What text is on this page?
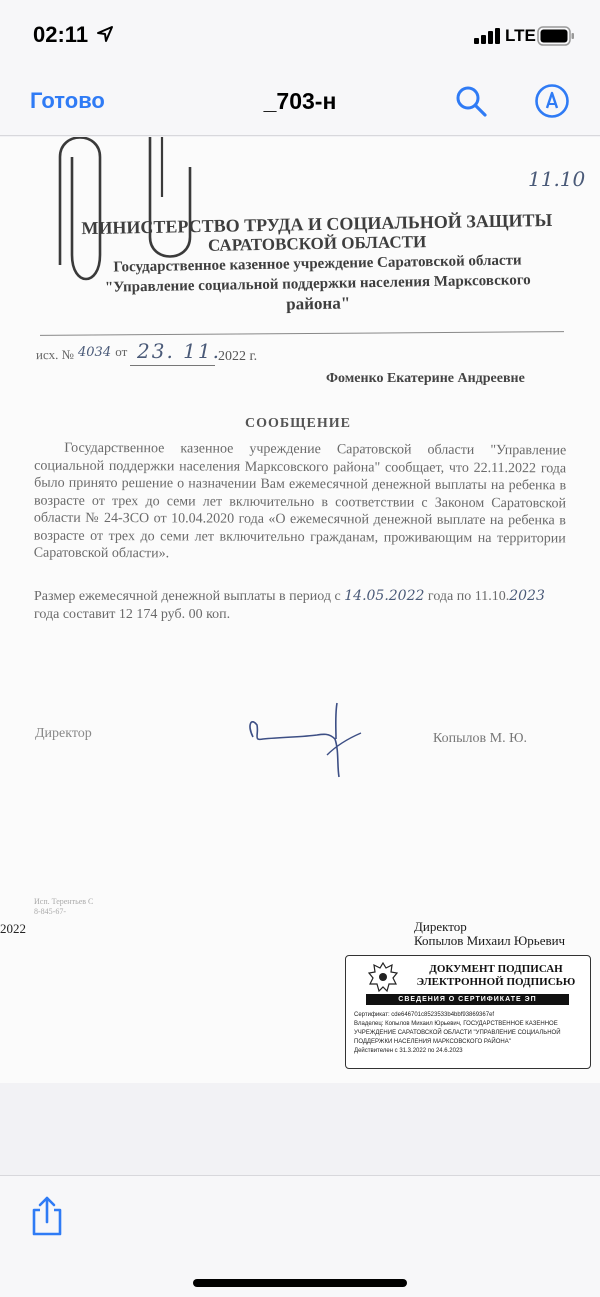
02:11	LTE
Готово	_703-н
11.10
МИНИСТЕРСТВО ТРУДА И СОЦИАЛЬНОЙ ЗАЩИТЫ
САРАТОВСКОЙ ОБЛАСТИ
Государственное казенное учреждение Саратовской области
"Управление социальной поддержки населения Марксовского
района"
исх. № 4034 от 23. 11.
2022 г.
Фоменко Екатерине Андреевне
СООБЩЕНИЕ
Государственное казенное учреждение Саратовской области "Управление социальной поддержки населения Марксовского района" сообщает, что 22.11.2022 года было принято решение о назначении Вам ежемесячной денежной выплаты на ребенка в возрасте от трех до семи лет включительно в соответствии с Законом Саратовской области № 24-ЗСО от 10.04.2020 года «О ежемесячной денежной выплате на ребенка в возрасте от трех до семи лет включительно гражданам, проживающим на территории Саратовской области».
Размер ежемесячной денежной выплаты в период с 14.05.2022 года по 11.10.2023
года составит 12 174 руб. 00 коп.
Директор	Копылов М. Ю.
Исп. Терентьев С
8-845-67-
2022	Директор
Копылов Михаил Юрьевич
ДОКУМЕНТ ПОДПИСАН
ЭЛЕКТРОННОЙ ПОДПИСЬЮ
СВЕДЕНИЯ О СЕРТИФИКАТЕ ЭП
Сертификат: cde646701c8523533b4bbf93869367ef
Владелец: Копылов Михаил Юрьевич, ГОСУДАРСТВЕННОЕ КАЗЕННОЕ УЧРЕЖДЕНИЕ САРАТОВСКОЙ ОБЛАСТИ "УПРАВЛЕНИЕ СОЦИАЛЬНОЙ ПОДДЕРЖКИ НАСЕЛЕНИЯ МАРКСОВСКОГО РАЙОНА"
Действителен с 31.3.2022 по 24.6.2023
